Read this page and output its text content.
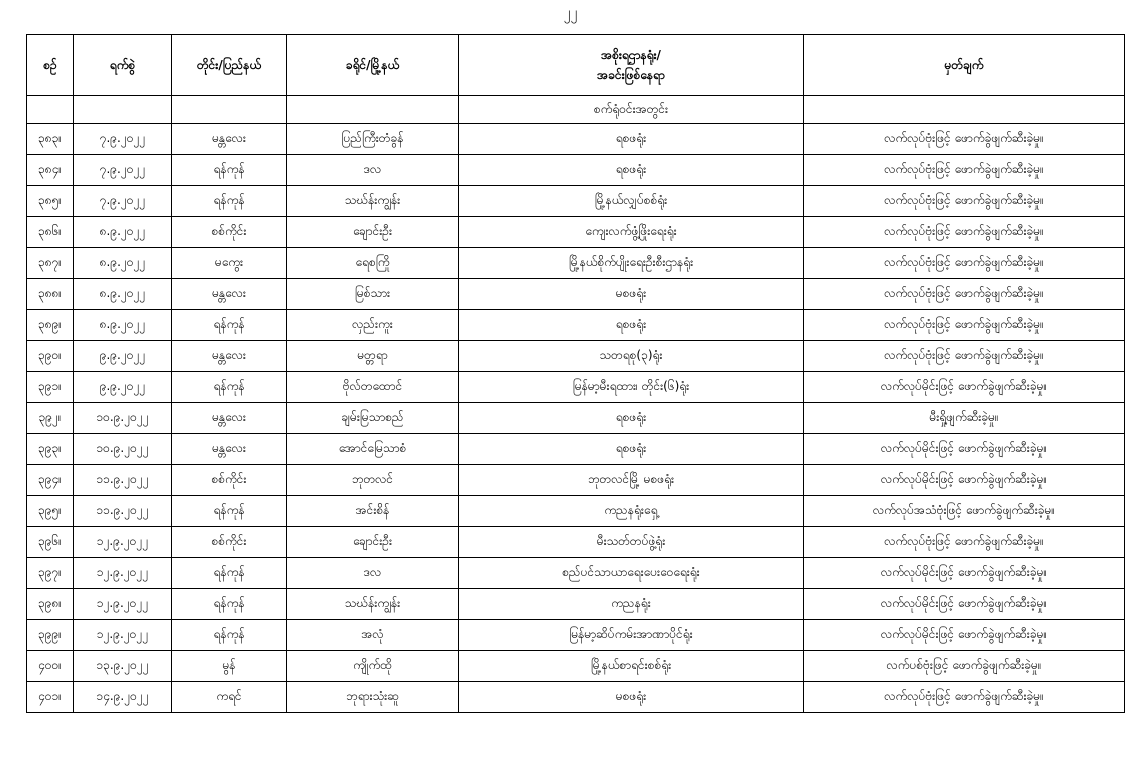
၂၂
စဉ်	ရက်စွဲ	တိုင်း/ပြည်နယ်	ခရိုင်/မြို့နယ်	အစိုးရဌာနရုံး/
အခင်းဖြစ်နေရာ	မှတ်ချက်
				စက်ရုံဝင်းအတွင်း	
၃၈၃။	၇.၉.၂၀၂၂	မန္တလေး	ပြည်ကြီးတံခွန်	ရစဖရုံး	လက်လုပ်ဗုံးဖြင့် ဖောက်ခွဲဖျက်ဆီးခဲ့မှု။
၃၈၄။	၇.၉.၂၀၂၂	ရန်ကုန်	ဒလ	ရစဖရုံး	လက်လုပ်ဗုံးဖြင့် ဖောက်ခွဲဖျက်ဆီးခဲ့မှု။
၃၈၅။	၇.၉.၂၀၂၂	ရန်ကုန်	သဃ်န်းကျွန်း	မြို့နယ်လျှပ်စစ်ရုံး	လက်လုပ်ဗုံးဖြင့် ဖောက်ခွဲဖျက်ဆီးခဲ့မှု။
၃၈၆။	၈.၉.၂၀၂၂	စစ်ကိုင်း	ချောင်းဦး	ကျေးလက်ဖွံ့ဖြိုးရေးရုံး	လက်လုပ်ဗုံးဖြင့် ဖောက်ခွဲဖျက်ဆီးခဲ့မှု။
၃၈၇။	၈.၉.၂၀၂၂	မကွေး	ရေစကြို	မြို့နယ်စိုက်ပျိုးရေးဦးစီးဌာနရုံး	လက်လုပ်ဗုံးဖြင့် ဖောက်ခွဲဖျက်ဆီးခဲ့မှု။
၃၈၈။	၈.၉.၂၀၂၂	မန္တလေး	မြစ်သား	မစဖရုံး	လက်လုပ်ဗုံးဖြင့် ဖောက်ခွဲဖျက်ဆီးခဲ့မှု။
၃၈၉။	၈.၉.၂၀၂၂	ရန်ကုန်	လှည်းကူး	ရစဖရုံး	လက်လုပ်ဗုံးဖြင့် ဖောက်ခွဲဖျက်ဆီးခဲ့မှု။
၃၉၀။	၉.၉.၂၀၂၂	မန္တလေး	မတ္တရာ	သတရစု(၃)ရုံး	လက်လုပ်ဗုံးဖြင့် ဖောက်ခွဲဖျက်ဆီးခဲ့မှု။
၃၉၁။	၉.၉.၂၀၂၂	ရန်ကုန်	ဗိုလ်တထောင်	မြန်မာ့မီးရထား၊ တိုင်း(၆)ရုံး	လက်လုပ်မိုင်းဖြင့် ဖောက်ခွဲဖျက်ဆီးခဲ့မှု။
၃၉၂။	၁၀.၉.၂၀၂၂	မန္တလေး	ချမ်းမြသာစည်	ရစဖရုံး	မီးရှို့ဖျက်ဆီးခဲ့မှု။
၃၉၃။	၁၀.၉.၂၀၂၂	မန္တလေး	အောင်မြေသာစံ	ရစဖရုံး	လက်လုပ်မိုင်းဖြင့် ဖောက်ခွဲဖျက်ဆီးခဲ့မှု။
၃၉၄။	၁၁.၉.၂၀၂၂	စစ်ကိုင်း	ဘုတလင်	ဘုတလင်မြို့ မစဖရုံး	လက်လုပ်မိုင်းဖြင့် ဖောက်ခွဲဖျက်ဆီးခဲ့မှု။
၃၉၅။	၁၁.၉.၂၀၂၂	ရန်ကုန်	အင်းစိန်	ကညနရုံးရှေ့	လက်လုပ်အသံဗုံးဖြင့် ဖောက်ခွဲဖျက်ဆီးခဲ့မှု။
၃၉၆။	၁၂.၉.၂၀၂၂	စစ်ကိုင်း	ချောင်းဦး	မီးသတ်တပ်ဖွဲ့ရုံး	လက်လုပ်ဗုံးဖြင့် ဖောက်ခွဲဖျက်ဆီးခဲ့မှု။
၃၉၇။	၁၂.၉.၂၀၂၂	ရန်ကုန်	ဒလ	စည်ပင်သာယာရေးပေးဝေရေးရုံး	လက်လုပ်မိုင်းဖြင့် ဖောက်ခွဲဖျက်ဆီးခဲ့မှု။
၃၉၈။	၁၂.၉.၂၀၂၂	ရန်ကုန်	သဃ်န်းကျွန်း	ကညနရုံး	လက်လုပ်မိုင်းဖြင့် ဖောက်ခွဲဖျက်ဆီးခဲ့မှု။
၃၉၉။	၁၂.၉.၂၀၂၂	ရန်ကုန်	အလုံ	မြန်မာ့ဆိပ်ကမ်းအာဏာပိုင်ရုံး	လက်လုပ်မိုင်းဖြင့် ဖောက်ခွဲဖျက်ဆီးခဲ့မှု။
၄၀၀။	၁၃.၉.၂၀၂၂	မွန်	ကျိုက်ထို	မြို့နယ်စာရင်းစစ်ရုံး	လက်ပစ်ဗုံးဖြင့် ဖောက်ခွဲဖျက်ဆီးခဲ့မှု။
၄၀၁။	၁၄.၉.၂၀၂၂	ကရင်	ဘုရားသုံးဆူ	မစဖရုံး	လက်လုပ်ဗုံးဖြင့် ဖောက်ခွဲဖျက်ဆီးခဲ့မှု။
